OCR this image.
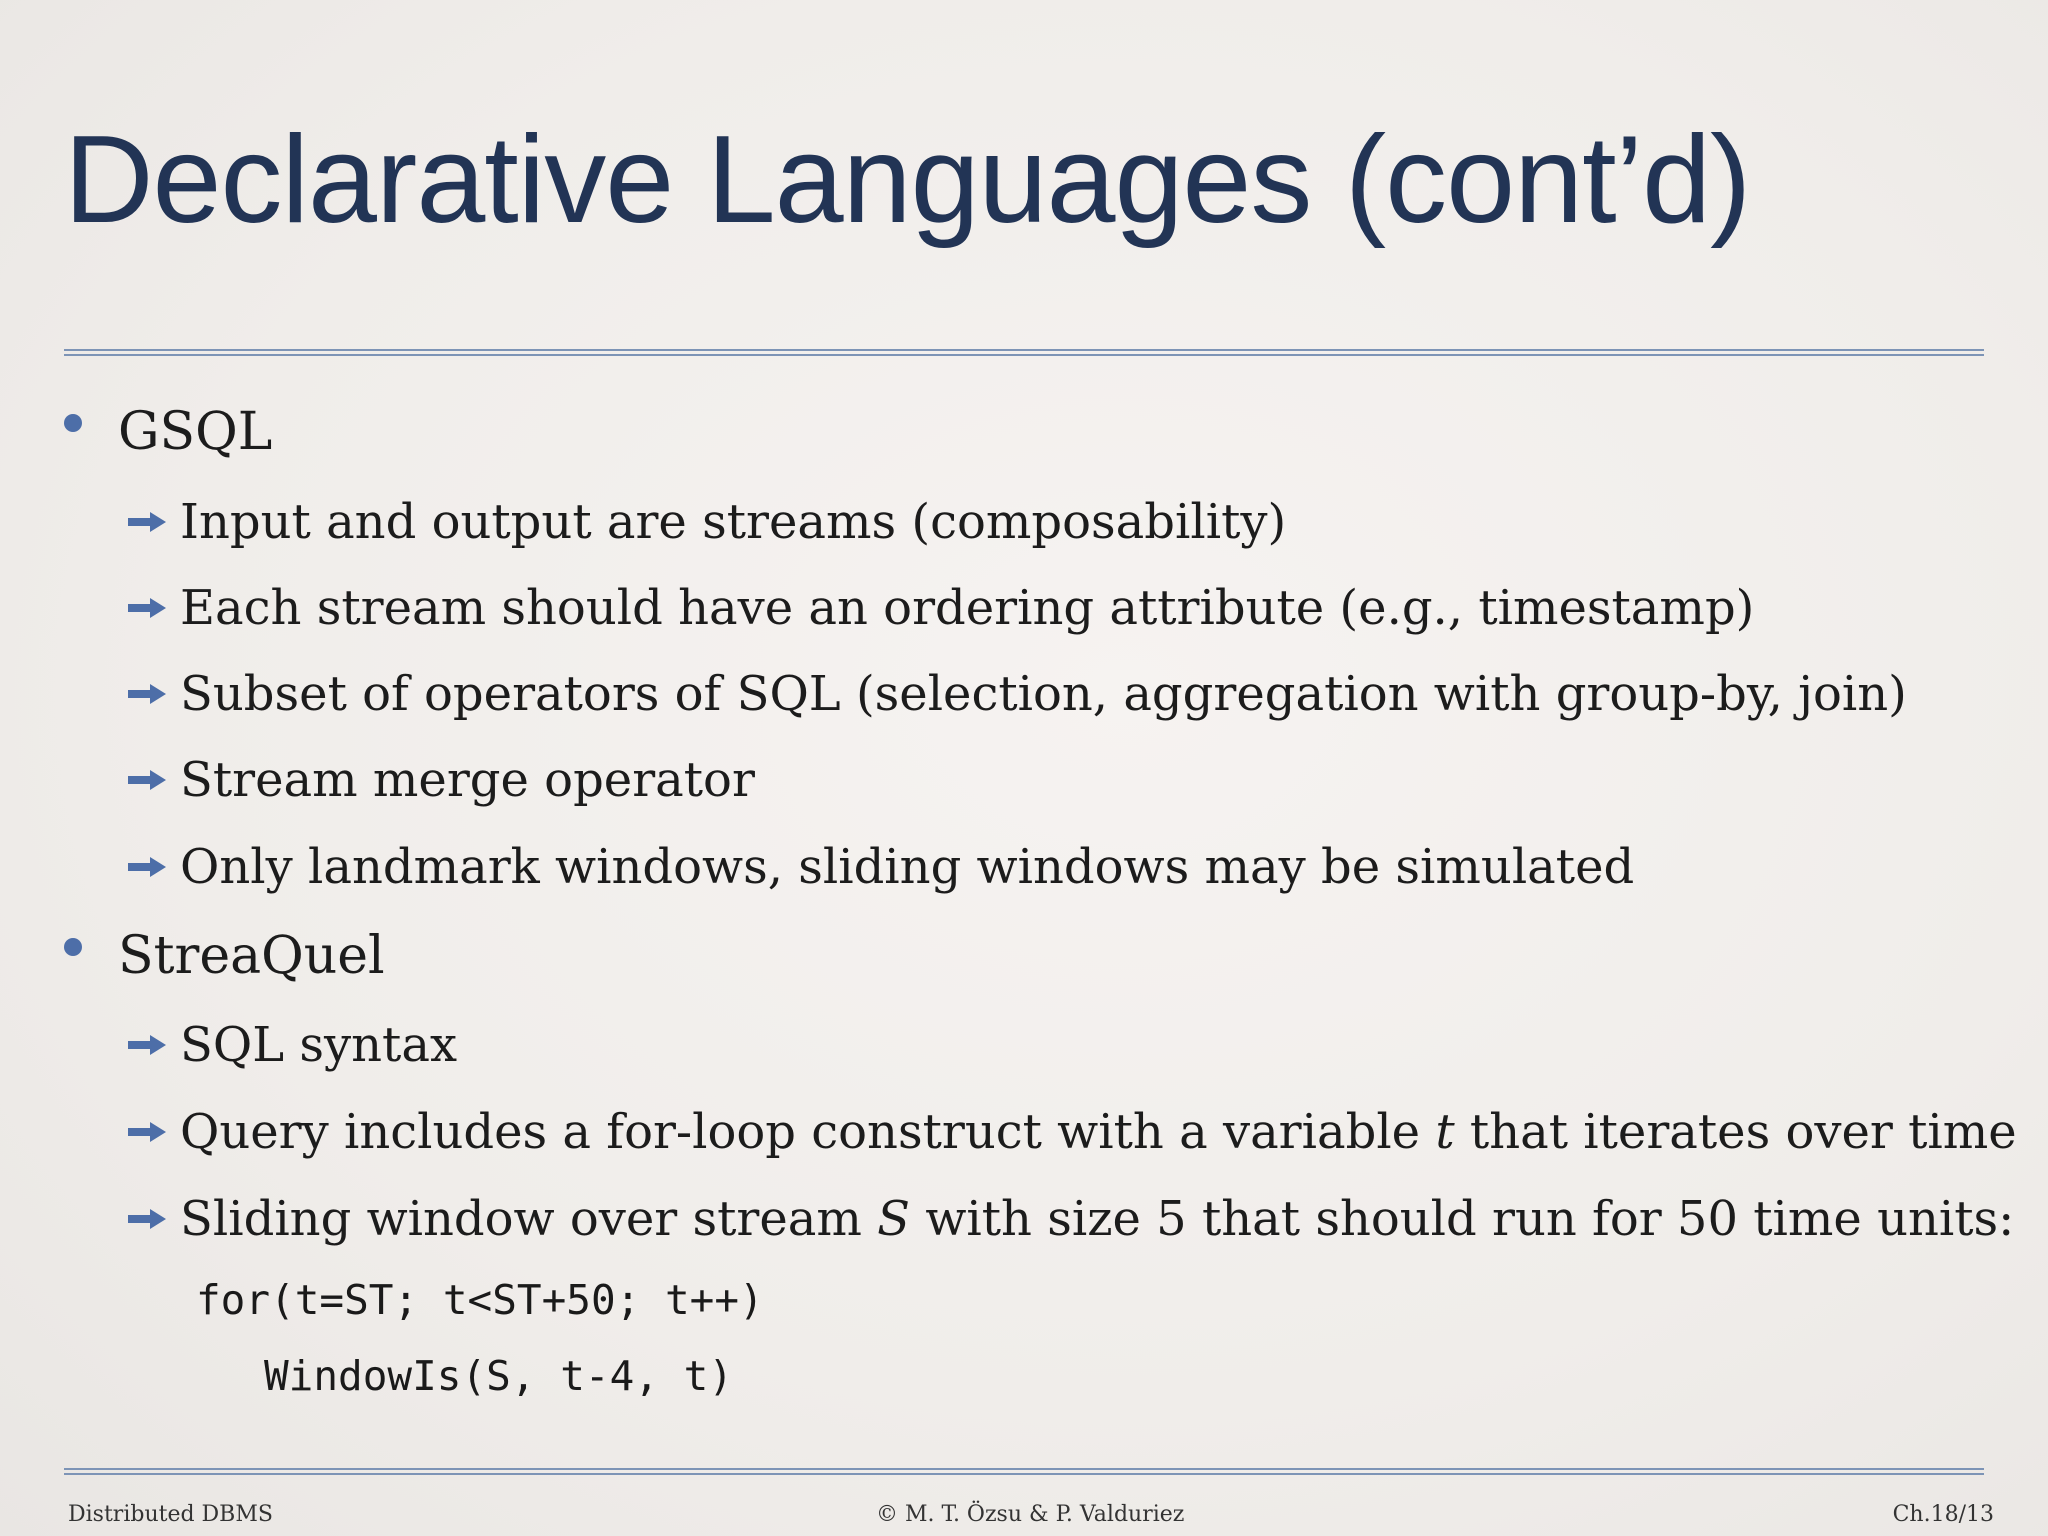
Declarative Languages (cont’d)
GSQL
Input and output are streams (composability)
Each stream should have an ordering attribute (e.g., timestamp)
Subset of operators of SQL (selection, aggregation with group-by, join)
Stream merge operator
Only landmark windows, sliding windows may be simulated
StreaQuel
SQL syntax
Query includes a for-loop construct with a variable t that iterates over time
Sliding window over stream S with size 5 that should run for 50 time units:
for(t=ST; t<ST+50; t++)
WindowIs(S, t-4, t)
Distributed DBMS	© M. T. Özsu & P. Valduriez	Ch.18/13
